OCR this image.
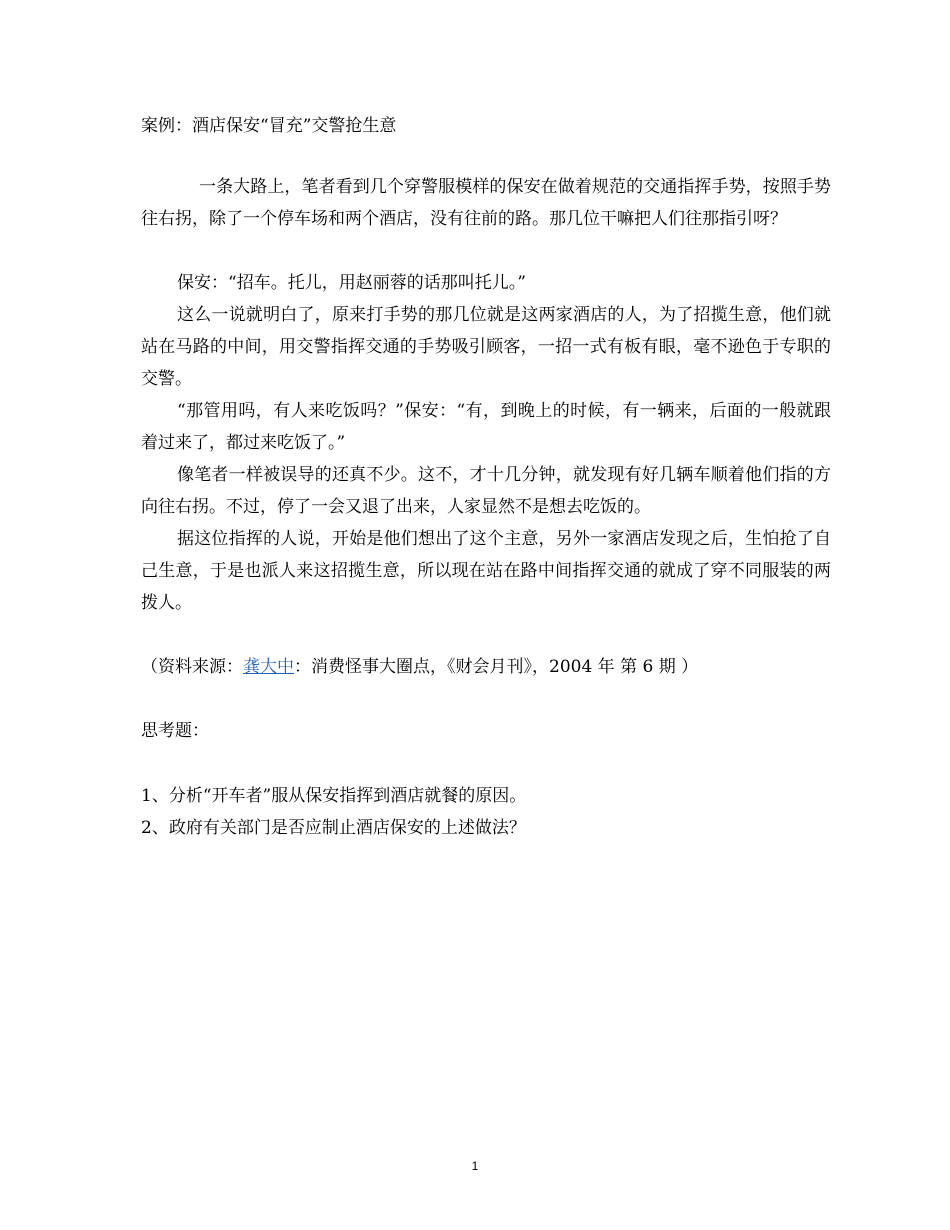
案例：酒店保安“冒充”交警抢生意
一条大路上，笔者看到几个穿警服模样的保安在做着规范的交通指挥手势，按照手势往右拐，除了一个停车场和两个酒店，没有往前的路。那几位干嘛把人们往那指引呀？
保安：“招车。托儿，用赵丽蓉的话那叫托儿。”
这么一说就明白了，原来打手势的那几位就是这两家酒店的人，为了招揽生意，他们就站在马路的中间，用交警指挥交通的手势吸引顾客，一招一式有板有眼，毫不逊色于专职的交警。
“那管用吗，有人来吃饭吗？”保安：“有，到晚上的时候，有一辆来，后面的一般就跟着过来了，都过来吃饭了。”
像笔者一样被误导的还真不少。这不，才十几分钟，就发现有好几辆车顺着他们指的方向往右拐。不过，停了一会又退了出来，人家显然不是想去吃饭的。
据这位指挥的人说，开始是他们想出了这个主意，另外一家酒店发现之后，生怕抢了自己生意，于是也派人来这招揽生意，所以现在站在路中间指挥交通的就成了穿不同服装的两拨人。
（资料来源：龚大中：消费怪事大圈点，《财会月刊》，2004 年 第 6 期 ）
思考题：
1、分析“开车者”服从保安指挥到酒店就餐的原因。
2、政府有关部门是否应制止酒店保安的上述做法？
1
